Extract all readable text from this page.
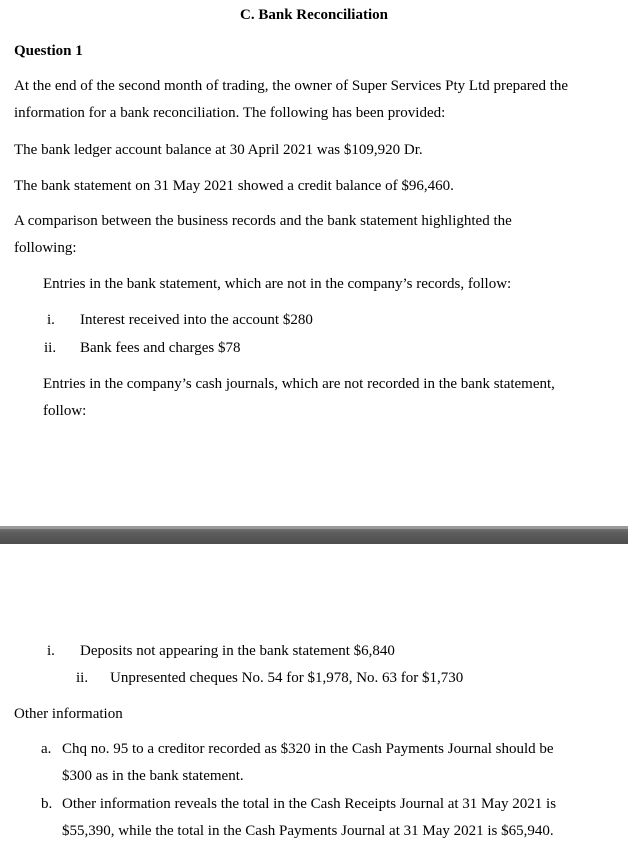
C. Bank Reconciliation
Question 1
At the end of the second month of trading, the owner of Super Services Pty Ltd prepared the
information for a bank reconciliation. The following has been provided:
The bank ledger account balance at 30 April 2021 was $109,920 Dr.
The bank statement on 31 May 2021 showed a credit balance of $96,460.
A comparison between the business records and the bank statement highlighted the
following:
Entries in the bank statement, which are not in the company’s records, follow:
i. Interest received into the account $280
ii. Bank fees and charges $78
Entries in the company’s cash journals, which are not recorded in the bank statement,
follow:
i. Deposits not appearing in the bank statement $6,840
ii. Unpresented cheques No. 54 for $1,978, No. 63 for $1,730
Other information
a. Chq no. 95 to a creditor recorded as $320 in the Cash Payments Journal should be
$300 as in the bank statement.
b. Other information reveals the total in the Cash Receipts Journal at 31 May 2021 is
$55,390, while the total in the Cash Payments Journal at 31 May 2021 is $65,940.
